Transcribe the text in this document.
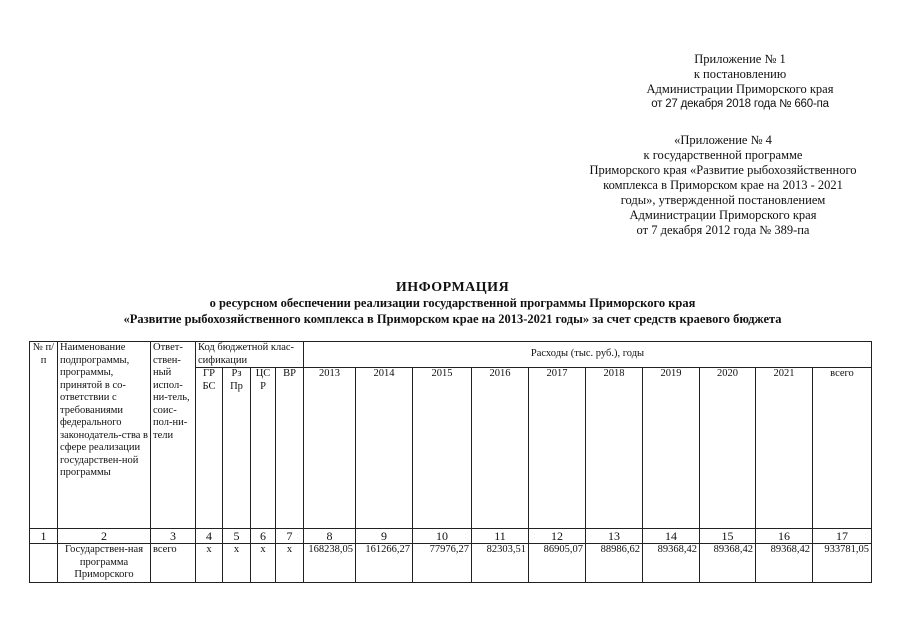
Приложение № 1
к постановлению
Администрации Приморского края
от 27 декабря 2018 года № 660-па
«Приложение № 4
к государственной программе
Приморского края «Развитие рыбохозяйственного
комплекса в Приморском крае на 2013 - 2021
годы», утвержденной постановлением
Администрации Приморского края
от 7 декабря 2012 года № 389-па
ИНФОРМАЦИЯ
о ресурсном обеспечении реализации государственной программы Приморского края
«Развитие рыбохозяйственного комплекса в Приморском крае на 2013-2021 годы» за счет средств краевого бюджета
№ п/п	Наименование подпрограммы, программы, принятой в со-ответствии с требованиями федерального законодатель-ства в сфере реализации государствен-ной программы	Ответ-ствен-ный испол-ни-тель, соис-пол-ни-тели	Код бюджетной клас-сификации				Расходы (тыс. руб.), годы									
			ГР БС	Рз Пр	ЦС Р	ВР	2013	2014	2015	2016	2017	2018	2019	2020	2021	всего
1	2	3	4	5	6	7	8	9	10	11	12	13	14	15	16	17
	Государствен-ная программа Приморского	всего	х	х	х	х	168238,05	161266,27	77976,27	82303,51	86905,07	88986,62	89368,42	89368,42	89368,42	933781,05
